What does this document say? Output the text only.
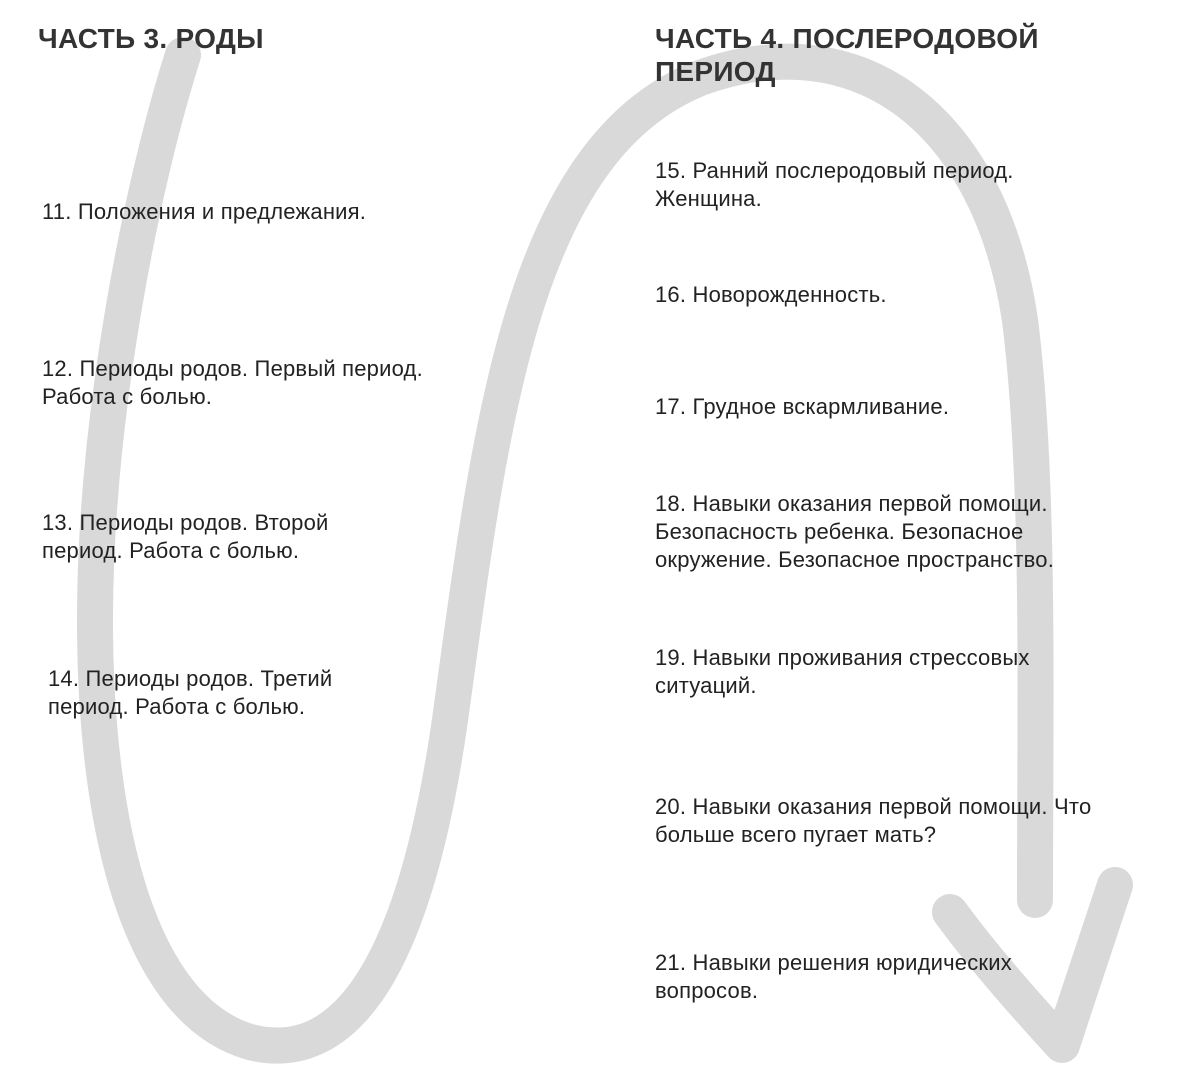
ЧАСТЬ 3. РОДЫ

11. Положения и предлежания.

12. Периоды родов. Первый период. Работа с болью.

13. Периоды родов. Второй период. Работа с болью.

14. Периоды родов. Третий период. Работа с болью.

ЧАСТЬ 4. ПОСЛЕРОДОВОЙ ПЕРИОД

15. Ранний послеродовый период. Женщина.

16. Новорожденность.

17. Грудное вскармливание.

18. Навыки оказания первой помощи. Безопасность ребенка. Безопасное окружение. Безопасное пространство.

19. Навыки проживания стрессовых ситуаций.

20. Навыки оказания первой помощи. Что больше всего пугает мать?

21. Навыки решения юридических вопросов.
